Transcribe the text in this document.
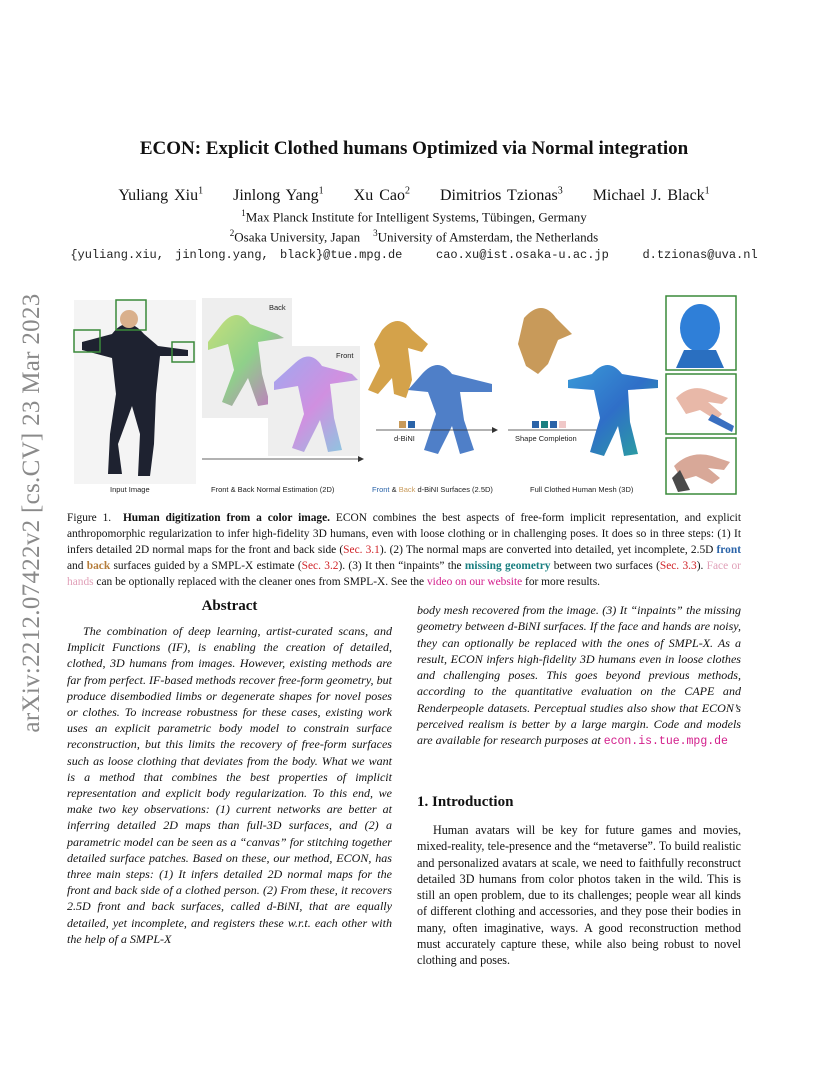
arXiv:2212.07422v2 [cs.CV] 23 Mar 2023
ECON: Explicit Clothed humans Optimized via Normal integration
Yuliang Xiu$^1$ Jinlong Yang$^1$ Xu Cao$^2$ Dimitrios Tzionas$^3$ Michael J. Black$^1$
$^1$Max Planck Institute for Intelligent Systems, Tübingen, Germany
$^2$Osaka University, Japan $^3$University of Amsterdam, the Netherlands
{yuliang.xiu, jinlong.yang, black}@tue.mpg.de	cao.xu@ist.osaka-u.ac.jp	d.tzionas@uva.nl
Back
Front
d-BiNI	Shape Completion
Input Image	Front & Back Normal Estimation (2D)	Front & Back d-BiNI Surfaces (2.5D)	Full Clothed Human Mesh (3D)
Figure 1. Human digitization from a color image. ECON combines the best aspects of free-form implicit representation, and explicit anthropomorphic regularization to infer high-fidelity 3D humans, even with loose clothing or in challenging poses. It does so in three steps: (1) It infers detailed 2D normal maps for the front and back side (Sec. 3.1). (2) The normal maps are converted into detailed, yet incomplete, 2.5D front and back surfaces guided by a SMPL-X estimate (Sec. 3.2). (3) It then “inpaints” the missing geometry between two surfaces (Sec. 3.3). Face or hands can be optionally replaced with the cleaner ones from SMPL-X. See the video on our website for more results.
Abstract
The combination of deep learning, artist-curated scans, and Implicit Functions (IF), is enabling the creation of detailed, clothed, 3D humans from images. However, existing methods are far from perfect. IF-based methods recover free-form geometry, but produce disembodied limbs or degenerate shapes for novel poses or clothes. To increase robustness for these cases, existing work uses an explicit parametric body model to constrain surface reconstruction, but this limits the recovery of free-form surfaces such as loose clothing that deviates from the body. What we want is a method that combines the best properties of implicit representation and explicit body regularization. To this end, we make two key observations: (1) current networks are better at inferring detailed 2D maps than full-3D surfaces, and (2) a parametric model can be seen as a “canvas” for stitching together detailed surface patches. Based on these, our method, ECON, has three main steps: (1) It infers detailed 2D normal maps for the front and back side of a clothed person. (2) From these, it recovers 2.5D front and back surfaces, called d-BiNI, that are equally detailed, yet incomplete, and registers these w.r.t. each other with the help of a SMPL-X
body mesh recovered from the image. (3) It “inpaints” the missing geometry between d-BiNI surfaces. If the face and hands are noisy, they can optionally be replaced with the ones of SMPL-X. As a result, ECON infers high-fidelity 3D humans even in loose clothes and challenging poses. This goes beyond previous methods, according to the quantitative evaluation on the CAPE and Renderpeople datasets. Perceptual studies also show that ECON’s perceived realism is better by a large margin. Code and models are available for research purposes at econ.is.tue.mpg.de
1. Introduction
Human avatars will be key for future games and movies, mixed-reality, tele-presence and the “metaverse”. To build realistic and personalized avatars at scale, we need to faithfully reconstruct detailed 3D humans from color photos taken in the wild. This is still an open problem, due to its challenges; people wear all kinds of different clothing and accessories, and they pose their bodies in many, often imaginative, ways. A good reconstruction method must accurately capture these, while also being robust to novel clothing and poses.
